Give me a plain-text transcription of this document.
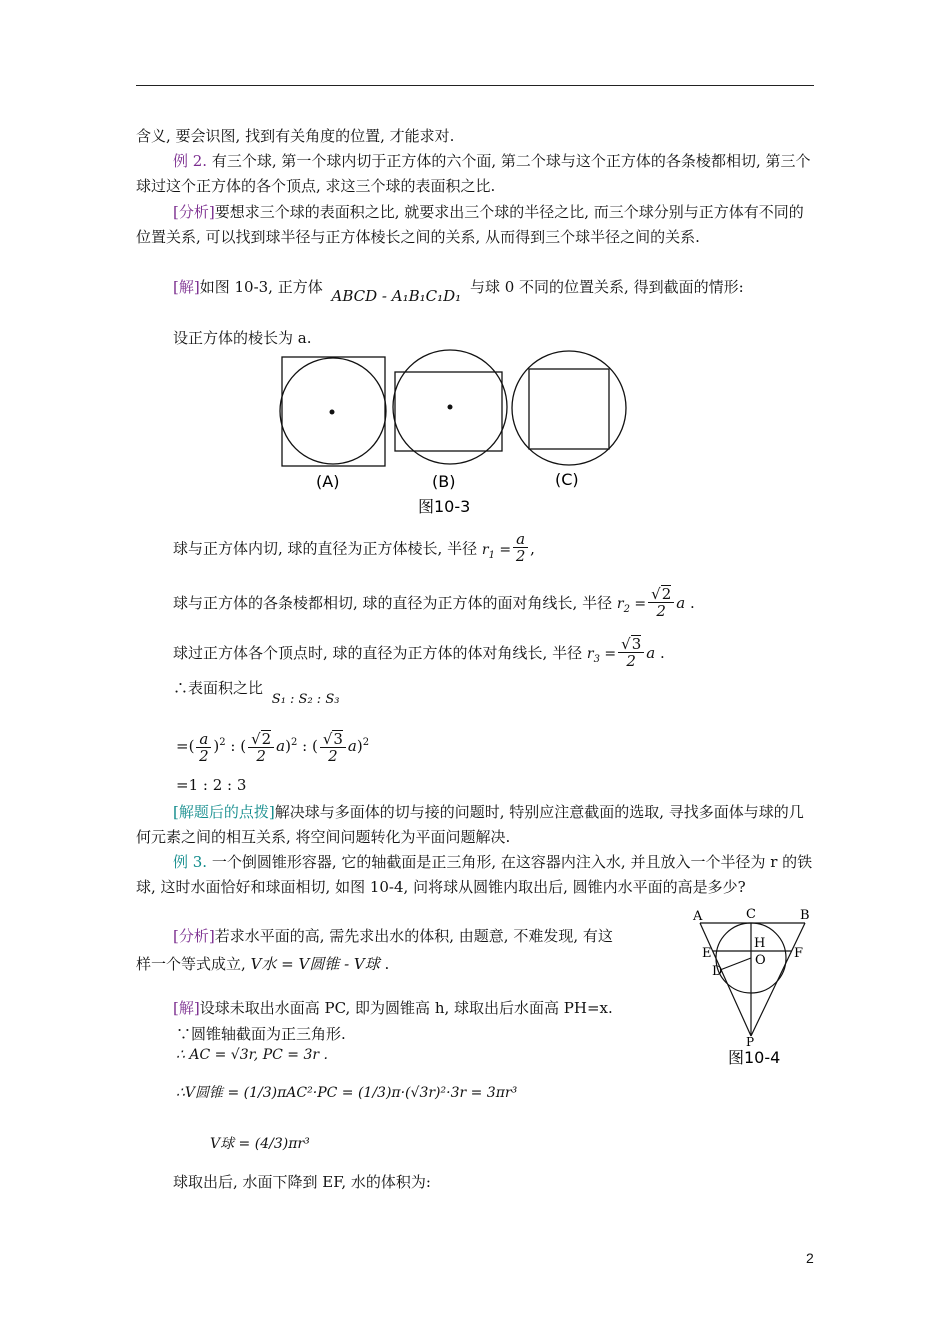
含义, 要会识图, 找到有关角度的位置, 才能求对.

例 2. 有三个球, 第一个球内切于正方体的六个面, 第二个球与这个正方体的各条棱都相切, 第三个球过这个正方体的各个顶点, 求这三个球的表面积之比.

[分析]要想求三个球的表面积之比, 就要求出三个球的半径之比, 而三个球分别与正方体有不同的位置关系, 可以找到球半径与正方体棱长之间的关系, 从而得到三个球半径之间的关系.

[解]如图 10-3, 正方体 ABCD - A₁B₁C₁D₁ 与球 0 不同的位置关系, 得到截面的情形:

设正方体的棱长为 a.

(A)	(B)	(C)
图10-3

球与正方体内切, 球的直径为正方体棱长, 半径 r₁ = a/2
$r_1 = \frac{a}{2}$ ,

球与正方体的各条棱都相切, 球的直径为正方体的面对角线长, 半径 r₂ = (√2/2)a
$r_2 = \frac{√2}{2}$ a .

球过正方体各个顶点时, 球的直径为正方体的体对角线长, 半径 r₃ = (√3/2)a
$r_3 = \frac{√3}{2}$ a .

∴表面积之比 S₁ : S₂ : S₃

=(a/2)² : (√2/2 a)² : (√3/2 a)²
=( $\frac{a}{2} )^2$ : ( $\frac{√2}{2} a)^2$ : ( $\frac{√3}{2} a)^2$

=1 : 2 : 3

[解题后的点拨]解决球与多面体的切与接的问题时, 特别应注意截面的选取, 寻找多面体与球的几何元素之间的相互关系, 将空间问题转化为平面问题解决.

例 3. 一个倒圆锥形容器, 它的轴截面是正三角形, 在这容器内注入水, 并且放入一个半径为 r 的铁球, 这时水面恰好和球面相切, 如图 10-4, 问将球从圆锥内取出后, 圆锥内水平面的高是多少?

[分析]若求水平面的高, 需先求出水的体积, 由题意, 不难发现, 有这

样一个等式成立, V水 = V圆锥 - V球 .

[解]设球未取出水面高 PC, 即为圆锥高 h, 球取出后水面高 PH=x.

∵圆锥轴截面为正三角形.

∴ AC = √3r, PC = 3r .

∴V圆锥 = (1/3)πAC²·PC = (1/3)π·(√3r)²·3r = 3πr³

V球 = (4/3)πr³

球取出后, 水面下降到 EF, 水的体积为:

A	C	B
E
H
F
D
O
P
图10-4
2
